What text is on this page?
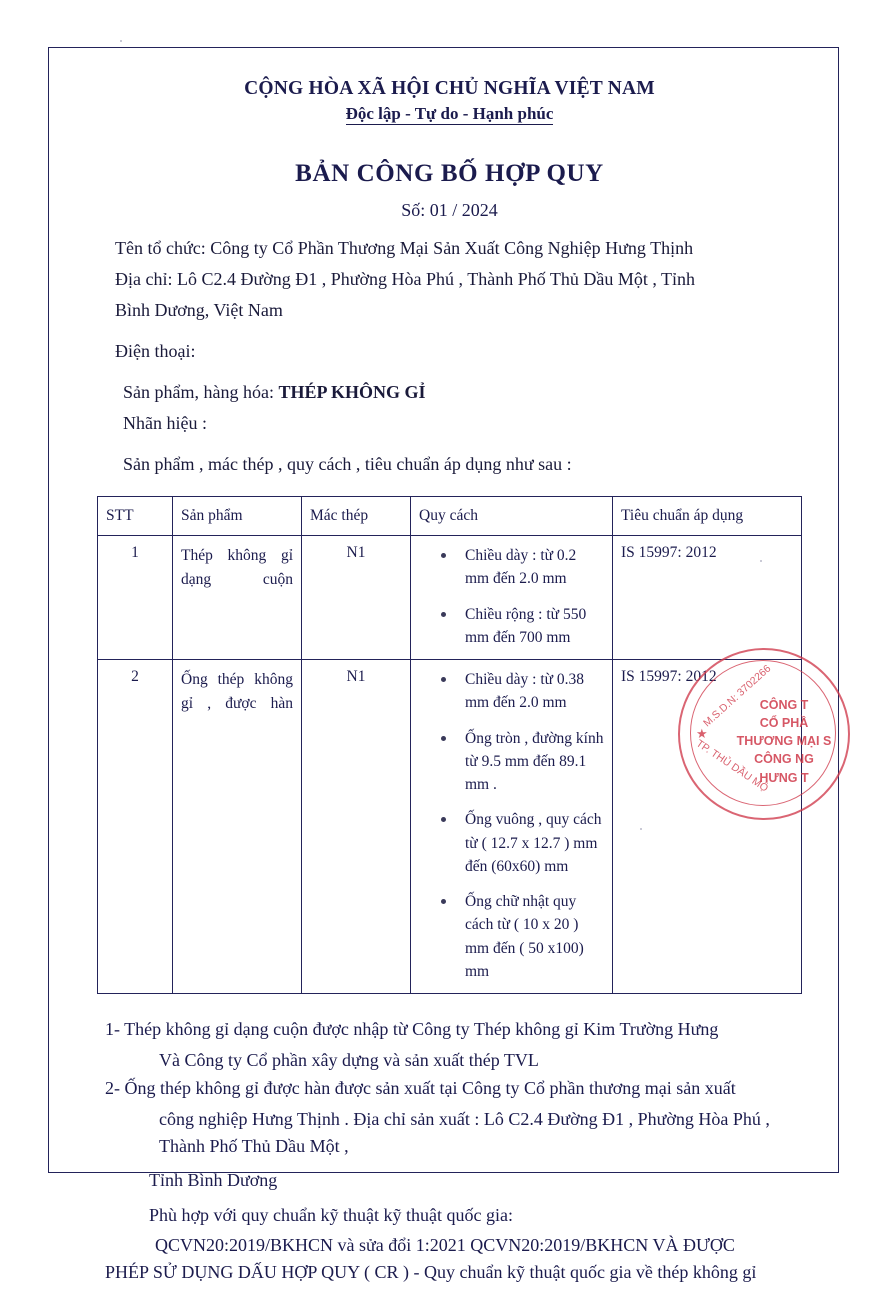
CỘNG HÒA XÃ HỘI CHỦ NGHĨA VIỆT NAM
Độc lập - Tự do - Hạnh phúc
BẢN CÔNG BỐ HỢP QUY
Số: 01 / 2024
Tên tổ chức: Công ty Cổ Phần Thương Mại Sản Xuất Công Nghiệp Hưng Thịnh
Địa chỉ: Lô C2.4 Đường Đ1 , Phường Hòa Phú , Thành Phố Thủ Dầu Một , Tỉnh
Bình Dương, Việt Nam
Điện thoại:
Sản phẩm, hàng hóa: THÉP KHÔNG GỈ
Nhãn hiệu :
Sản phẩm , mác thép , quy cách , tiêu chuẩn áp dụng như sau :
STT	Sản phẩm	Mác thép	Quy cách	Tiêu chuẩn áp dụng
1	Thép không gỉ dạng cuộn	N1	Chiều dày : từ 0.2 mm đến 2.0 mm
Chiều rộng : từ 550 mm đến 700 mm
	IS 15997: 2012
2	Ống thép không gỉ , được hàn	N1	Chiều dày : từ 0.38 mm đến 2.0 mm
Ống tròn , đường kính từ 9.5 mm đến 89.1 mm .
Ống vuông , quy cách từ ( 12.7 x 12.7 ) mm đến (60x60) mm
Ống chữ nhật quy cách từ ( 10 x 20 ) mm đến ( 50 x100) mm
	IS 15997: 2012
1- Thép không gỉ dạng cuộn được nhập từ Công ty Thép không gỉ Kim Trường Hưng
Và Công ty Cổ phần xây dựng và sản xuất thép TVL
2- Ống thép không gỉ được hàn được sản xuất tại Công ty Cổ phần thương mại sản xuất
công nghiệp Hưng Thịnh . Địa chỉ sản xuất : Lô C2.4 Đường Đ1 , Phường Hòa Phú ,
Thành Phố Thủ Dầu Một ,
Tỉnh Bình Dương
Phù hợp với quy chuẩn kỹ thuật kỹ thuật quốc gia:
QCVN20:2019/BKHCN và sửa đổi 1:2021 QCVN20:2019/BKHCN VÀ ĐƯỢC
PHÉP SỬ DỤNG DẤU HỢP QUY ( CR ) - Quy chuẩn kỹ thuật quốc gia về thép không gỉ
★
M.S.D.N: 3702266
TP. THỦ DẦU MỘ
CÔNG T
CỔ PHẦ
THƯƠNG MẠI S
CÔNG NG
HƯNG T
